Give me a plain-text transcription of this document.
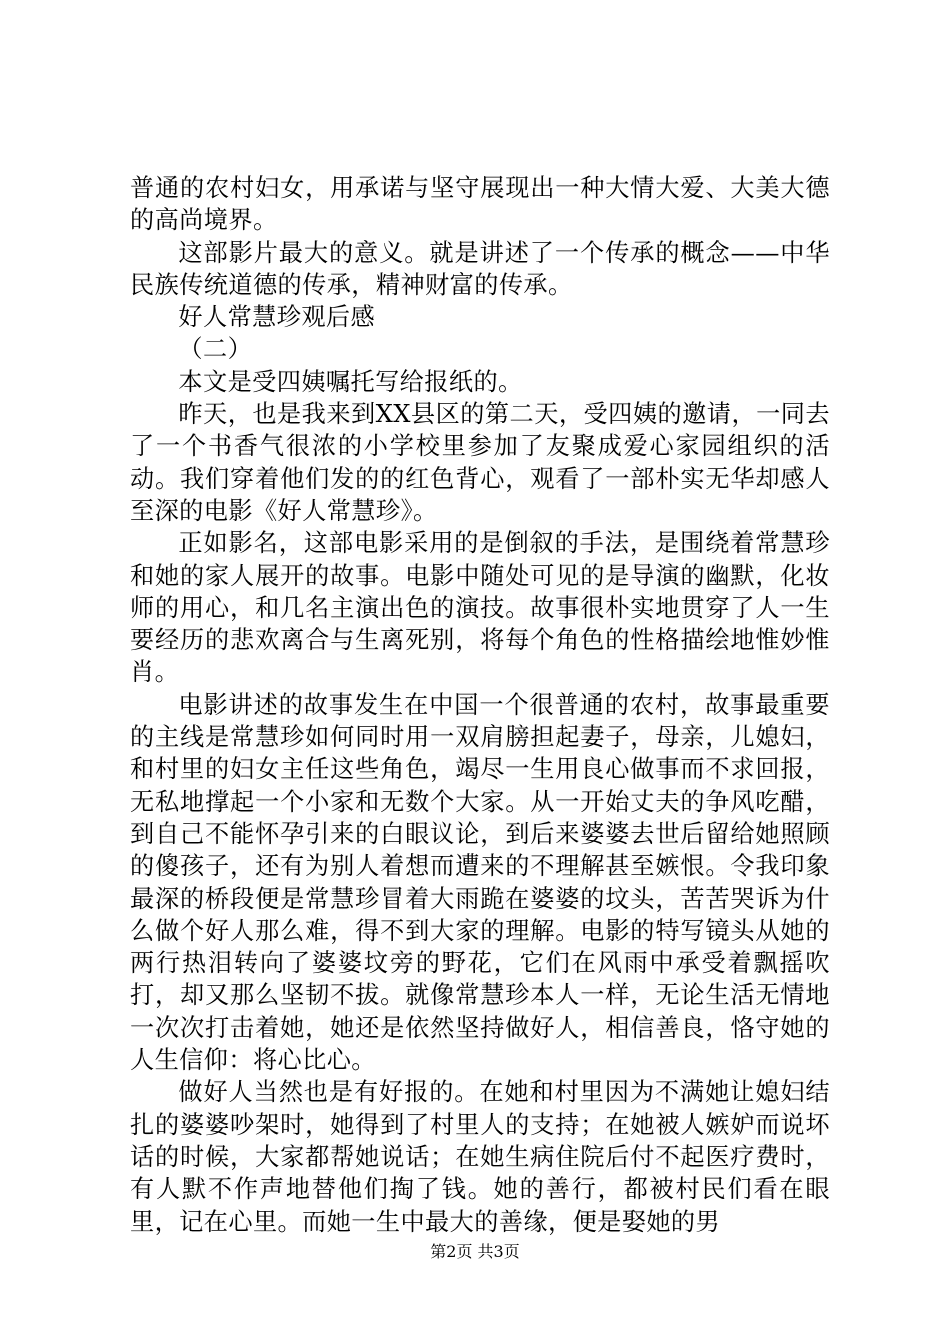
普通的农村妇女，用承诺与坚守展现出一种大情大爱、大美大德的高尚境界。

这部影片最大的意义。就是讲述了一个传承的概念——中华民族传统道德的传承，精神财富的传承。

好人常慧珍观后感

（二）

本文是受四姨嘱托写给报纸的。

昨天，也是我来到XX县区的第二天，受四姨的邀请，一同去了一个书香气很浓的小学校里参加了友聚成爱心家园组织的活动。我们穿着他们发的的红色背心，观看了一部朴实无华却感人至深的电影《好人常慧珍》。

正如影名，这部电影采用的是倒叙的手法，是围绕着常慧珍和她的家人展开的故事。电影中随处可见的是导演的幽默，化妆师的用心，和几名主演出色的演技。故事很朴实地贯穿了人一生要经历的悲欢离合与生离死别，将每个角色的性格描绘地惟妙惟肖。

电影讲述的故事发生在中国一个很普通的农村，故事最重要的主线是常慧珍如何同时用一双肩膀担起妻子，母亲，儿媳妇，和村里的妇女主任这些角色，竭尽一生用良心做事而不求回报，无私地撑起一个小家和无数个大家。从一开始丈夫的争风吃醋，到自己不能怀孕引来的白眼议论，到后来婆婆去世后留给她照顾的傻孩子，还有为别人着想而遭来的不理解甚至嫉恨。令我印象最深的桥段便是常慧珍冒着大雨跪在婆婆的坟头，苦苦哭诉为什么做个好人那么难，得不到大家的理解。电影的特写镜头从她的两行热泪转向了婆婆坟旁的野花，它们在风雨中承受着飘摇吹打，却又那么坚韧不拔。就像常慧珍本人一样，无论生活无情地一次次打击着她，她还是依然坚持做好人，相信善良，恪守她的人生信仰：将心比心。

做好人当然也是有好报的。在她和村里因为不满她让媳妇结扎的婆婆吵架时，她得到了村里人的支持；在她被人嫉妒而说坏话的时候，大家都帮她说话；在她生病住院后付不起医疗费时，有人默不作声地替他们掏了钱。她的善行，都被村民们看在眼里，记在心里。而她一生中最大的善缘，便是娶她的男

第2页 共3页
